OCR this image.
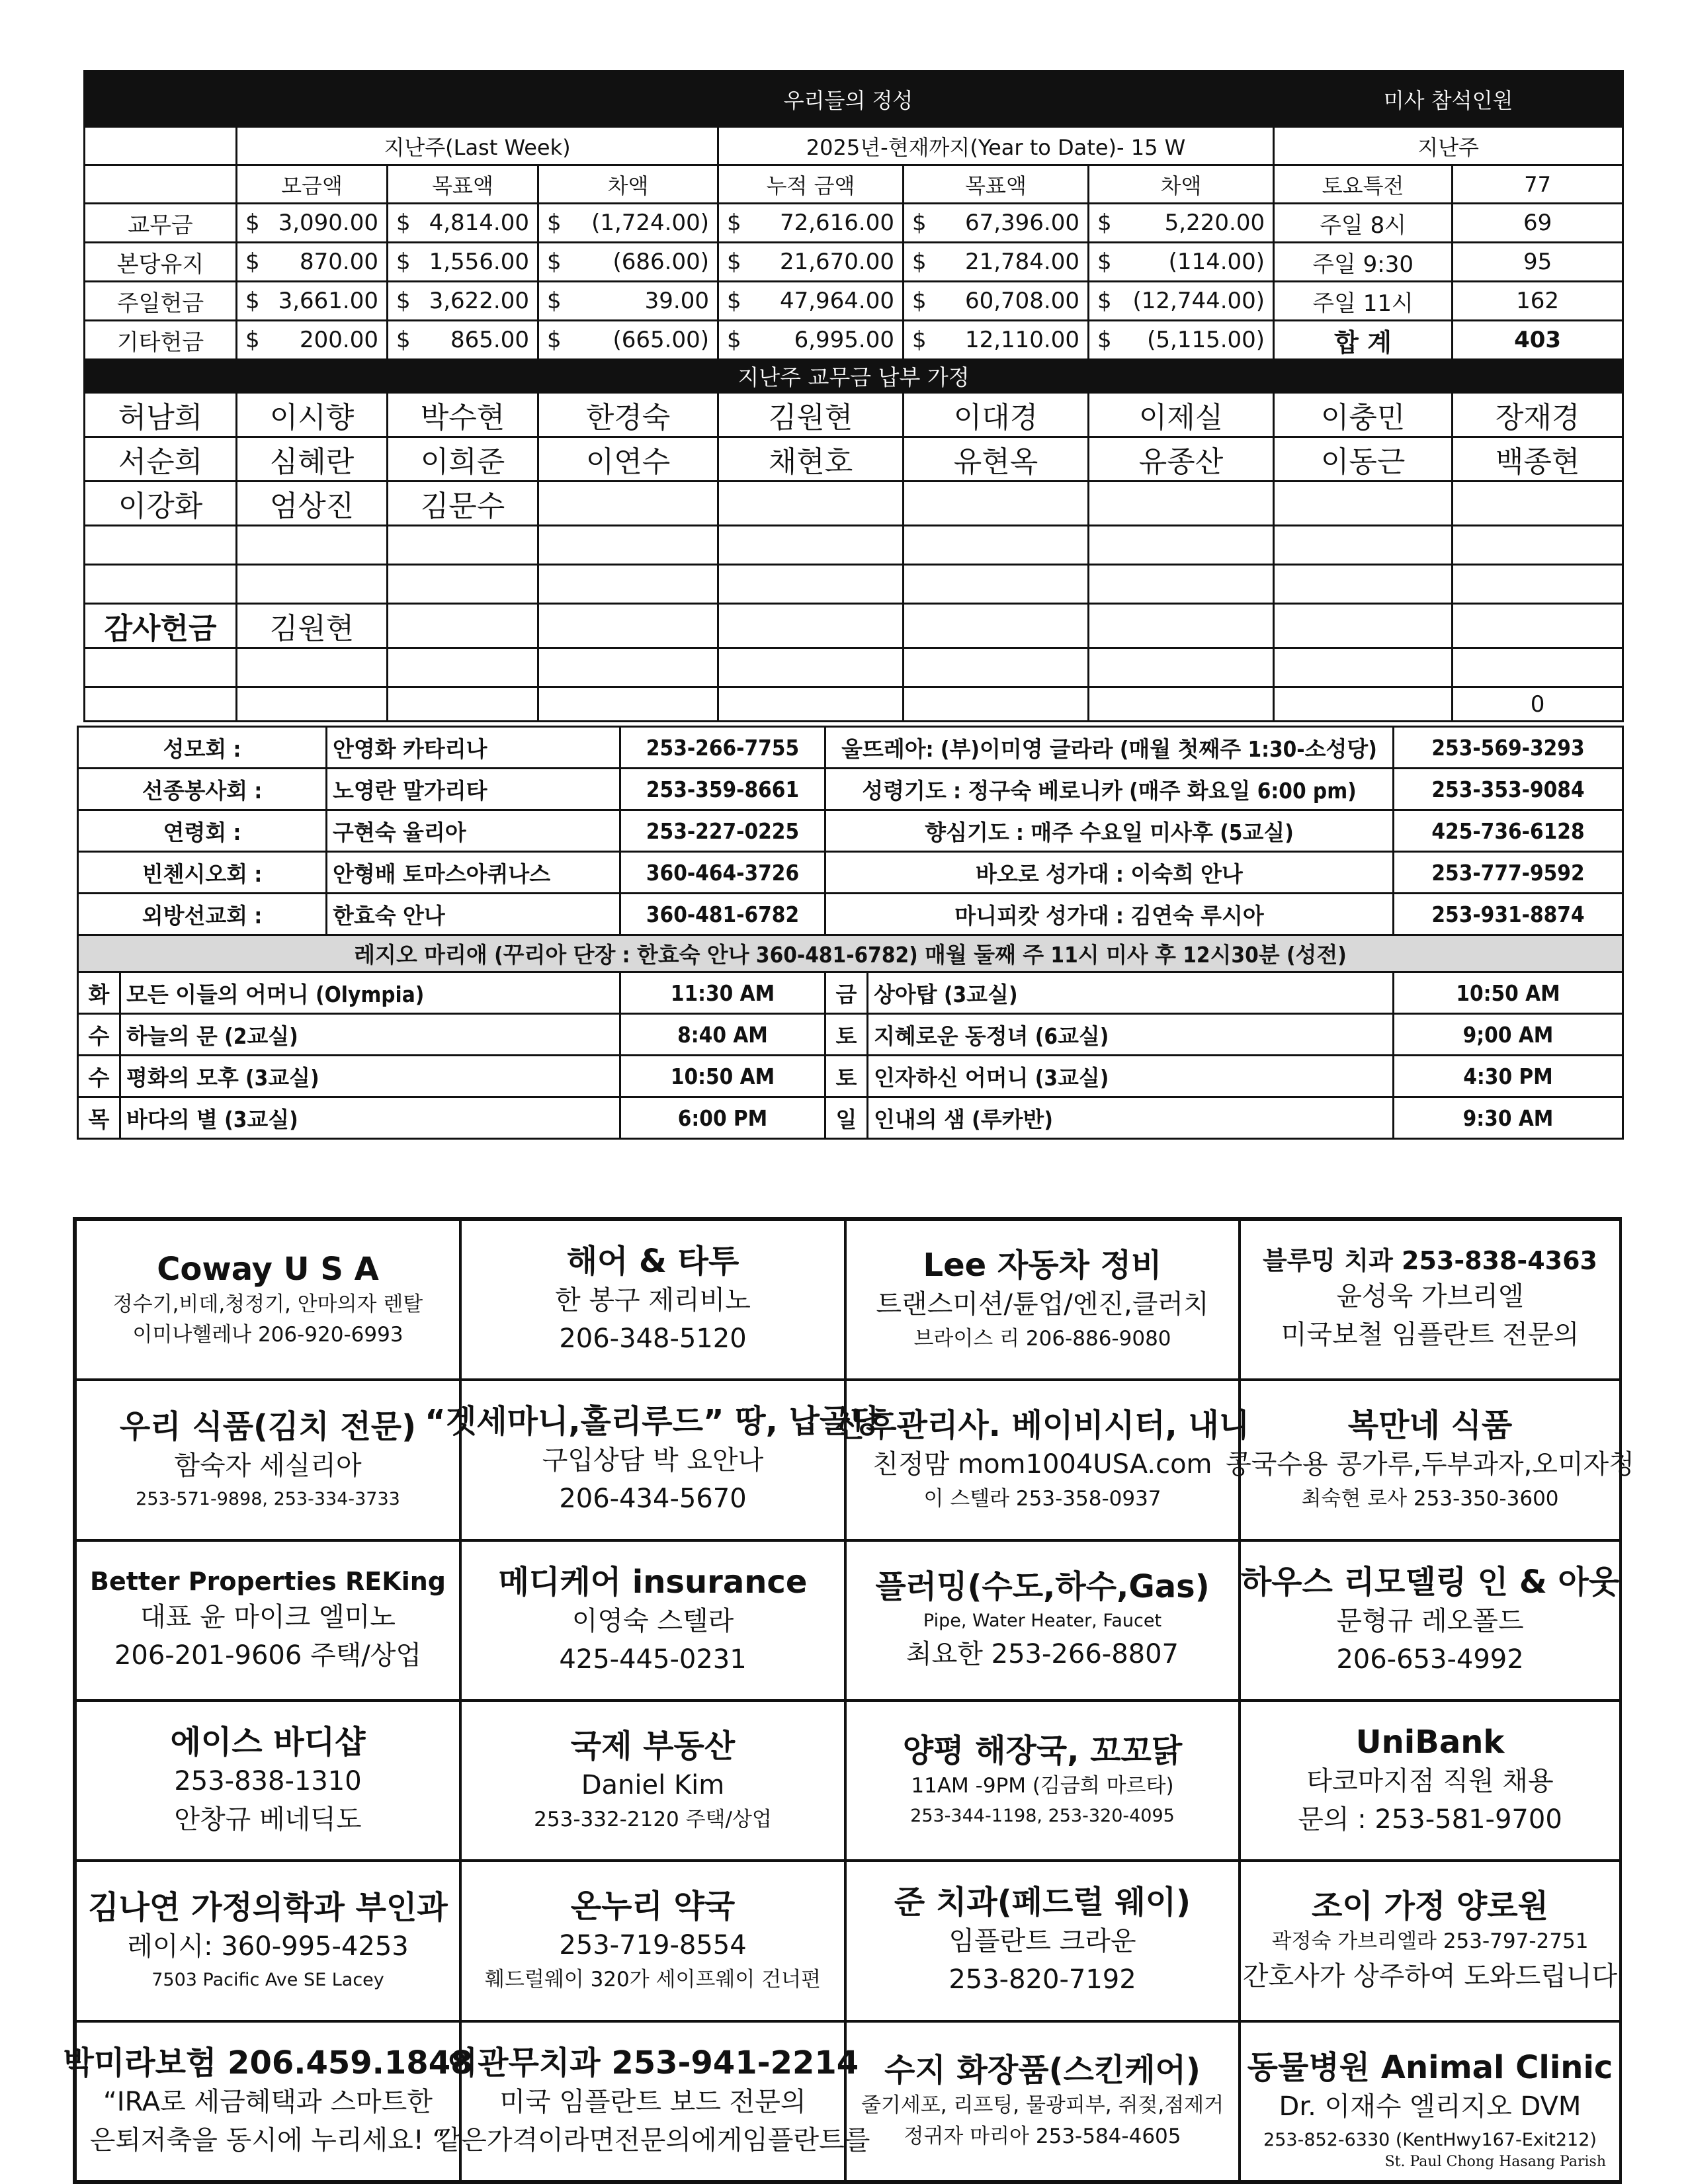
우리들의 정성							미사 참석인원	
	지난주(Last Week)			2025년-현재까지(Year to Date)- 15 W			지난주	
	모금액	목표액	차액	누적 금액	목표액	차액	토요특전	77
교무금	$ 3,090.00	$ 4,814.00	$ (1,724.00)	$ 72,616.00	$ 67,396.00	$ 5,220.00	주일 8시	69
본당유지	$ 870.00	$ 1,556.00	$ (686.00)	$ 21,670.00	$ 21,784.00	$ (114.00)	주일 9:30	95
주일헌금	$ 3,661.00	$ 3,622.00	$ 39.00	$ 47,964.00	$ 60,708.00	$ (12,744.00)	주일 11시	162
기타헌금	$ 200.00	$ 865.00	$ (665.00)	$ 6,995.00	$ 12,110.00	$ (5,115.00)	합 계	403
지난주 교무금 납부 가정								
허남희	이시향	박수현	한경숙	김원현	이대경	이제실	이충민	장재경
서순희	심혜란	이희준	이연수	채현호	유현옥	유종산	이동근	백종현
이강화	엄상진	김문수						

감사헌금	김원현							

								0
성모회 :		안영화 카타리나	253-266-7755	울뜨레아: (부)이미영 글라라 (매월 첫째주 1:30-소성당)		253-569-3293
선종봉사회 :		노영란 말가리타	253-359-8661	성령기도 : 정구숙 베로니카 (매주 화요일 6:00 pm)		253-353-9084
연령회 :		구현숙 율리아	253-227-0225	향심기도 : 매주 수요일 미사후 (5교실)		425-736-6128
빈첸시오회 :		안형배 토마스아퀴나스	360-464-3726	바오로 성가대 : 이숙희 안나		253-777-9592
외방선교회 :		한효숙 안나	360-481-6782	마니피캇 성가대 : 김연숙 루시아		253-931-8874
레지오 마리애 (꾸리아 단장 : 한효숙 안나 360-481-6782) 매월 둘째 주 11시 미사 후 12시30분 (성전)						
화	모든 이들의 어머니 (Olympia)		11:30 AM	금	상아탑 (3교실)	10:50 AM
수	하늘의 문 (2교실)		8:40 AM	토	지혜로운 동정녀 (6교실)	9;00 AM
수	평화의 모후 (3교실)		10:50 AM	토	인자하신 어머니 (3교실)	4:30 PM
목	바다의 별 (3교실)		6:00 PM	일	인내의 샘 (루카반)	9:30 AM
Coway U S A
정수기,비데,청정기, 안마의자 렌탈
이미나헬레나 206-920-6993
해어 & 타투
한 봉구 제리비노
206-348-5120
Lee 자동차 정비
트랜스미션/튠업/엔진,클러치
브라이스 리 206-886-9080
블루밍 치과 253-838-4363
윤성욱 가브리엘
미국보철 임플란트 전문의
우리 식품(김치 전문)
함숙자 세실리아
253-571-9898, 253-334-3733
“겟세마니,홀리루드” 땅, 납골당
구입상담 박 요안나
206-434-5670
산후관리사. 베이비시터, 내니
친정맘 mom1004USA.com
이 스텔라 253-358-0937
복만네 식품
콩국수용 콩가루,두부과자,오미자청
최숙현 로사 253-350-3600
Better Properties REKing
대표 윤 마이크 엘미노
206-201-9606 주택/상업
메디케어 insurance
이영숙 스텔라
425-445-0231
플러밍(수도,하수,Gas)
Pipe, Water Heater, Faucet
최요한 253-266-8807
하우스 리모델링 인 & 아웃
문형규 레오폴드
206-653-4992
에이스 바디샵
253-838-1310
안창규 베네딕도
국제 부동산
Daniel Kim
253-332-2120 주택/상업
양평 해장국, 꼬꼬닭
11AM -9PM (김금희 마르타)
253-344-1198, 253-320-4095
UniBank
타코마지점 직원 채용
문의 : 253-581-9700
김나연 가정의학과 부인과
레이시: 360-995-4253
7503 Pacific Ave SE Lacey
온누리 약국
253-719-8554
훼드럴웨이 320가 세이프웨이 건너편
준 치과(페드럴 웨이)
임플란트 크라운
253-820-7192
조이 가정 양로원
곽정숙 가브리엘라 253-797-2751
간호사가 상주하여 도와드립니다
박미라보험 206.459.1848
“IRA로 세금혜택과 스마트한
은퇴저축을 동시에 누리세요! “
이관무치과 253-941-2214
미국 임플란트 보드 전문의
같은가격이라면전문의에게임플란트를
수지 화장품(스킨케어)
줄기세포, 리프팅, 물광피부, 쥐젖,점제거
정귀자 마리아 253-584-4605
동물병원 Animal Clinic
Dr. 이재수 엘리지오 DVM
253-852-6330 (KentHwy167-Exit212)
St. Paul Chong Hasang Parish
